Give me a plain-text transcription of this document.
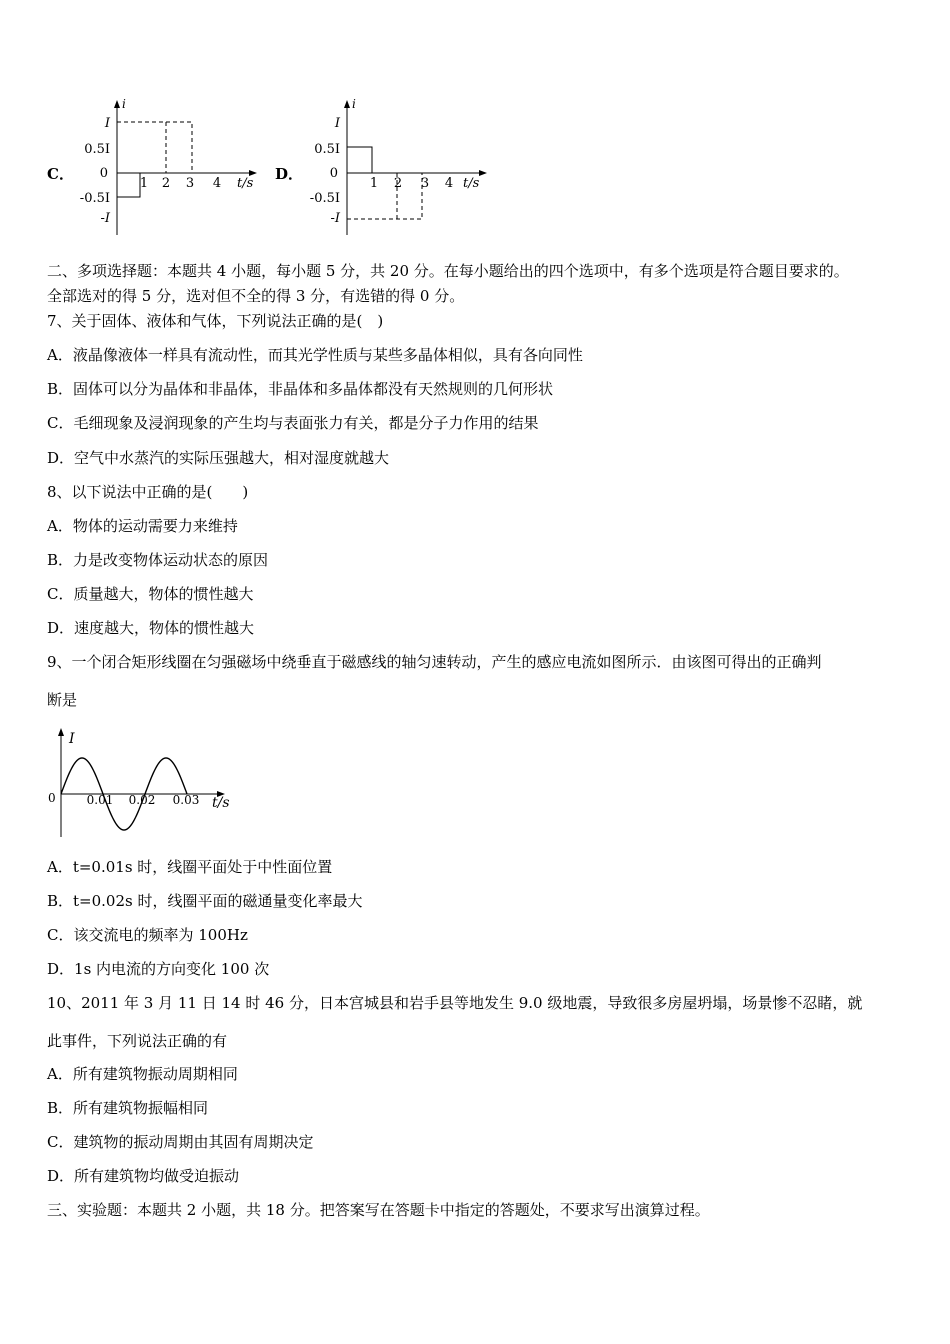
C．
i
t/s
I
0.5I
0
-0.5I
-I
1 2 3 4
D．
i
t/s
I
0.5I
0
-0.5I
-I
1 2 3 4
二、多项选择题：本题共 4 小题，每小题 5 分，共 20 分。在每小题给出的四个选项中，有多个选项是符合题目要求的。
全部选对的得 5 分，选对但不全的得 3 分，有选错的得 0 分。
7、关于固体、液体和气体，下列说法正确的是(　)
A．液晶像液体一样具有流动性，而其光学性质与某些多晶体相似，具有各向同性
B．固体可以分为晶体和非晶体，非晶体和多晶体都没有天然规则的几何形状
C．毛细现象及浸润现象的产生均与表面张力有关，都是分子力作用的结果
D．空气中水蒸汽的实际压强越大，相对湿度就越大
8、以下说法中正确的是(　　)
A．物体的运动需要力来维持
B．力是改变物体运动状态的原因
C．质量越大，物体的惯性越大
D．速度越大，物体的惯性越大
9、一个闭合矩形线圈在匀强磁场中绕垂直于磁感线的轴匀速转动，产生的感应电流如图所示．由该图可得出的正确判
断是
I
t/s
0	0.01 0.02 0.03
A．t=0.01s 时，线圈平面处于中性面位置
B．t=0.02s 时，线圈平面的磁通量变化率最大
C．该交流电的频率为 100Hz
D．1s 内电流的方向变化 100 次
10、2011 年 3 月 11 日 14 时 46 分，日本宫城县和岩手县等地发生 9.0 级地震，导致很多房屋坍塌，场景惨不忍睹，就
此事件，下列说法正确的有
A．所有建筑物振动周期相同
B．所有建筑物振幅相同
C．建筑物的振动周期由其固有周期决定
D．所有建筑物均做受迫振动
三、实验题：本题共 2 小题，共 18 分。把答案写在答题卡中指定的答题处，不要求写出演算过程。
